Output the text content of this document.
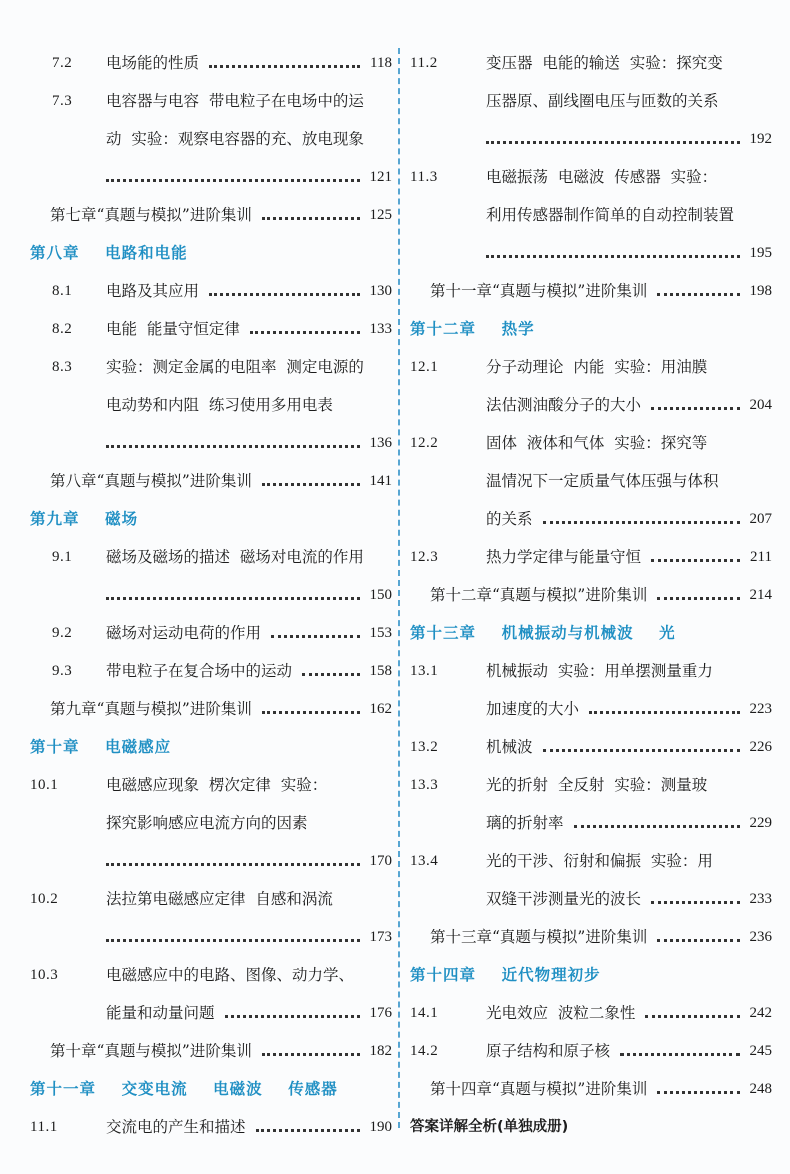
7.2 电场能的性质	118
7.3 电容器与电容  带电粒子在电场中的运
动  实验：观察电容器的充、放电现象
121
第七章“真题与模拟”进阶集训	125
第八章    电路和电能
8.1 电路及其应用	130
8.2 电能  能量守恒定律	133
8.3 实验：测定金属的电阻率  测定电源的
电动势和内阻  练习使用多用电表
136
第八章“真题与模拟”进阶集训	141
第九章    磁场
9.1 磁场及磁场的描述  磁场对电流的作用
150
9.2 磁场对运动电荷的作用	153
9.3 带电粒子在复合场中的运动	158
第九章“真题与模拟”进阶集训	162
第十章    电磁感应
10.1	电磁感应现象  楞次定律  实验：
探究影响感应电流方向的因素
170
10.2	法拉第电磁感应定律  自感和涡流
173
10.3	电磁感应中的电路、图像、动力学、
能量和动量问题	176
第十章“真题与模拟”进阶集训	182
第十一章    交变电流    电磁波    传感器
11.1	交流电的产生和描述	190
11.2	变压器  电能的输送  实验：探究变
压器原、副线圈电压与匝数的关系
192
11.3	电磁振荡  电磁波  传感器  实验：
利用传感器制作简单的自动控制装置
195
第十一章“真题与模拟”进阶集训	198
第十二章    热学
12.1	分子动理论  内能  实验：用油膜
法估测油酸分子的大小	204
12.2	固体  液体和气体  实验：探究等
温情况下一定质量气体压强与体积
的关系	207
12.3	热力学定律与能量守恒	211
第十二章“真题与模拟”进阶集训	214
第十三章    机械振动与机械波    光
13.1	机械振动  实验：用单摆测量重力
加速度的大小	223
13.2	机械波	226
13.3	光的折射  全反射  实验：测量玻
璃的折射率	229
13.4	光的干涉、衍射和偏振  实验：用
双缝干涉测量光的波长	233
第十三章“真题与模拟”进阶集训	236
第十四章    近代物理初步
14.1	光电效应  波粒二象性	242
14.2	原子结构和原子核	245
第十四章“真题与模拟”进阶集训	248
答案详解全析(单独成册)
